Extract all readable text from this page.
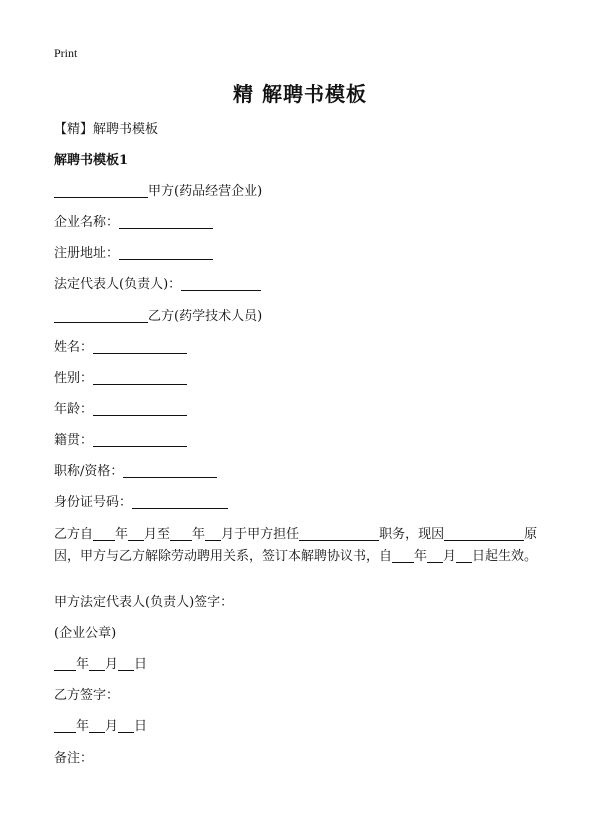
Print
精 解聘书模板
【精】解聘书模板
解聘书模板1
甲方(药品经营企业)
企业名称：
注册地址：
法定代表人(负责人)：
乙方(药学技术人员)
姓名：
性别：
年龄：
籍贯：
职称/资格：
身份证号码：
乙方自 年 月至 年 月于甲方担任	职务，现因	原因，甲方与乙方解除劳动聘用关系，签订本解聘协议书，自 年 月 日起生效。
甲方法定代表人(负责人)签字：
(企业公章)
年 月 日
乙方签字：
年 月 日
备注：
